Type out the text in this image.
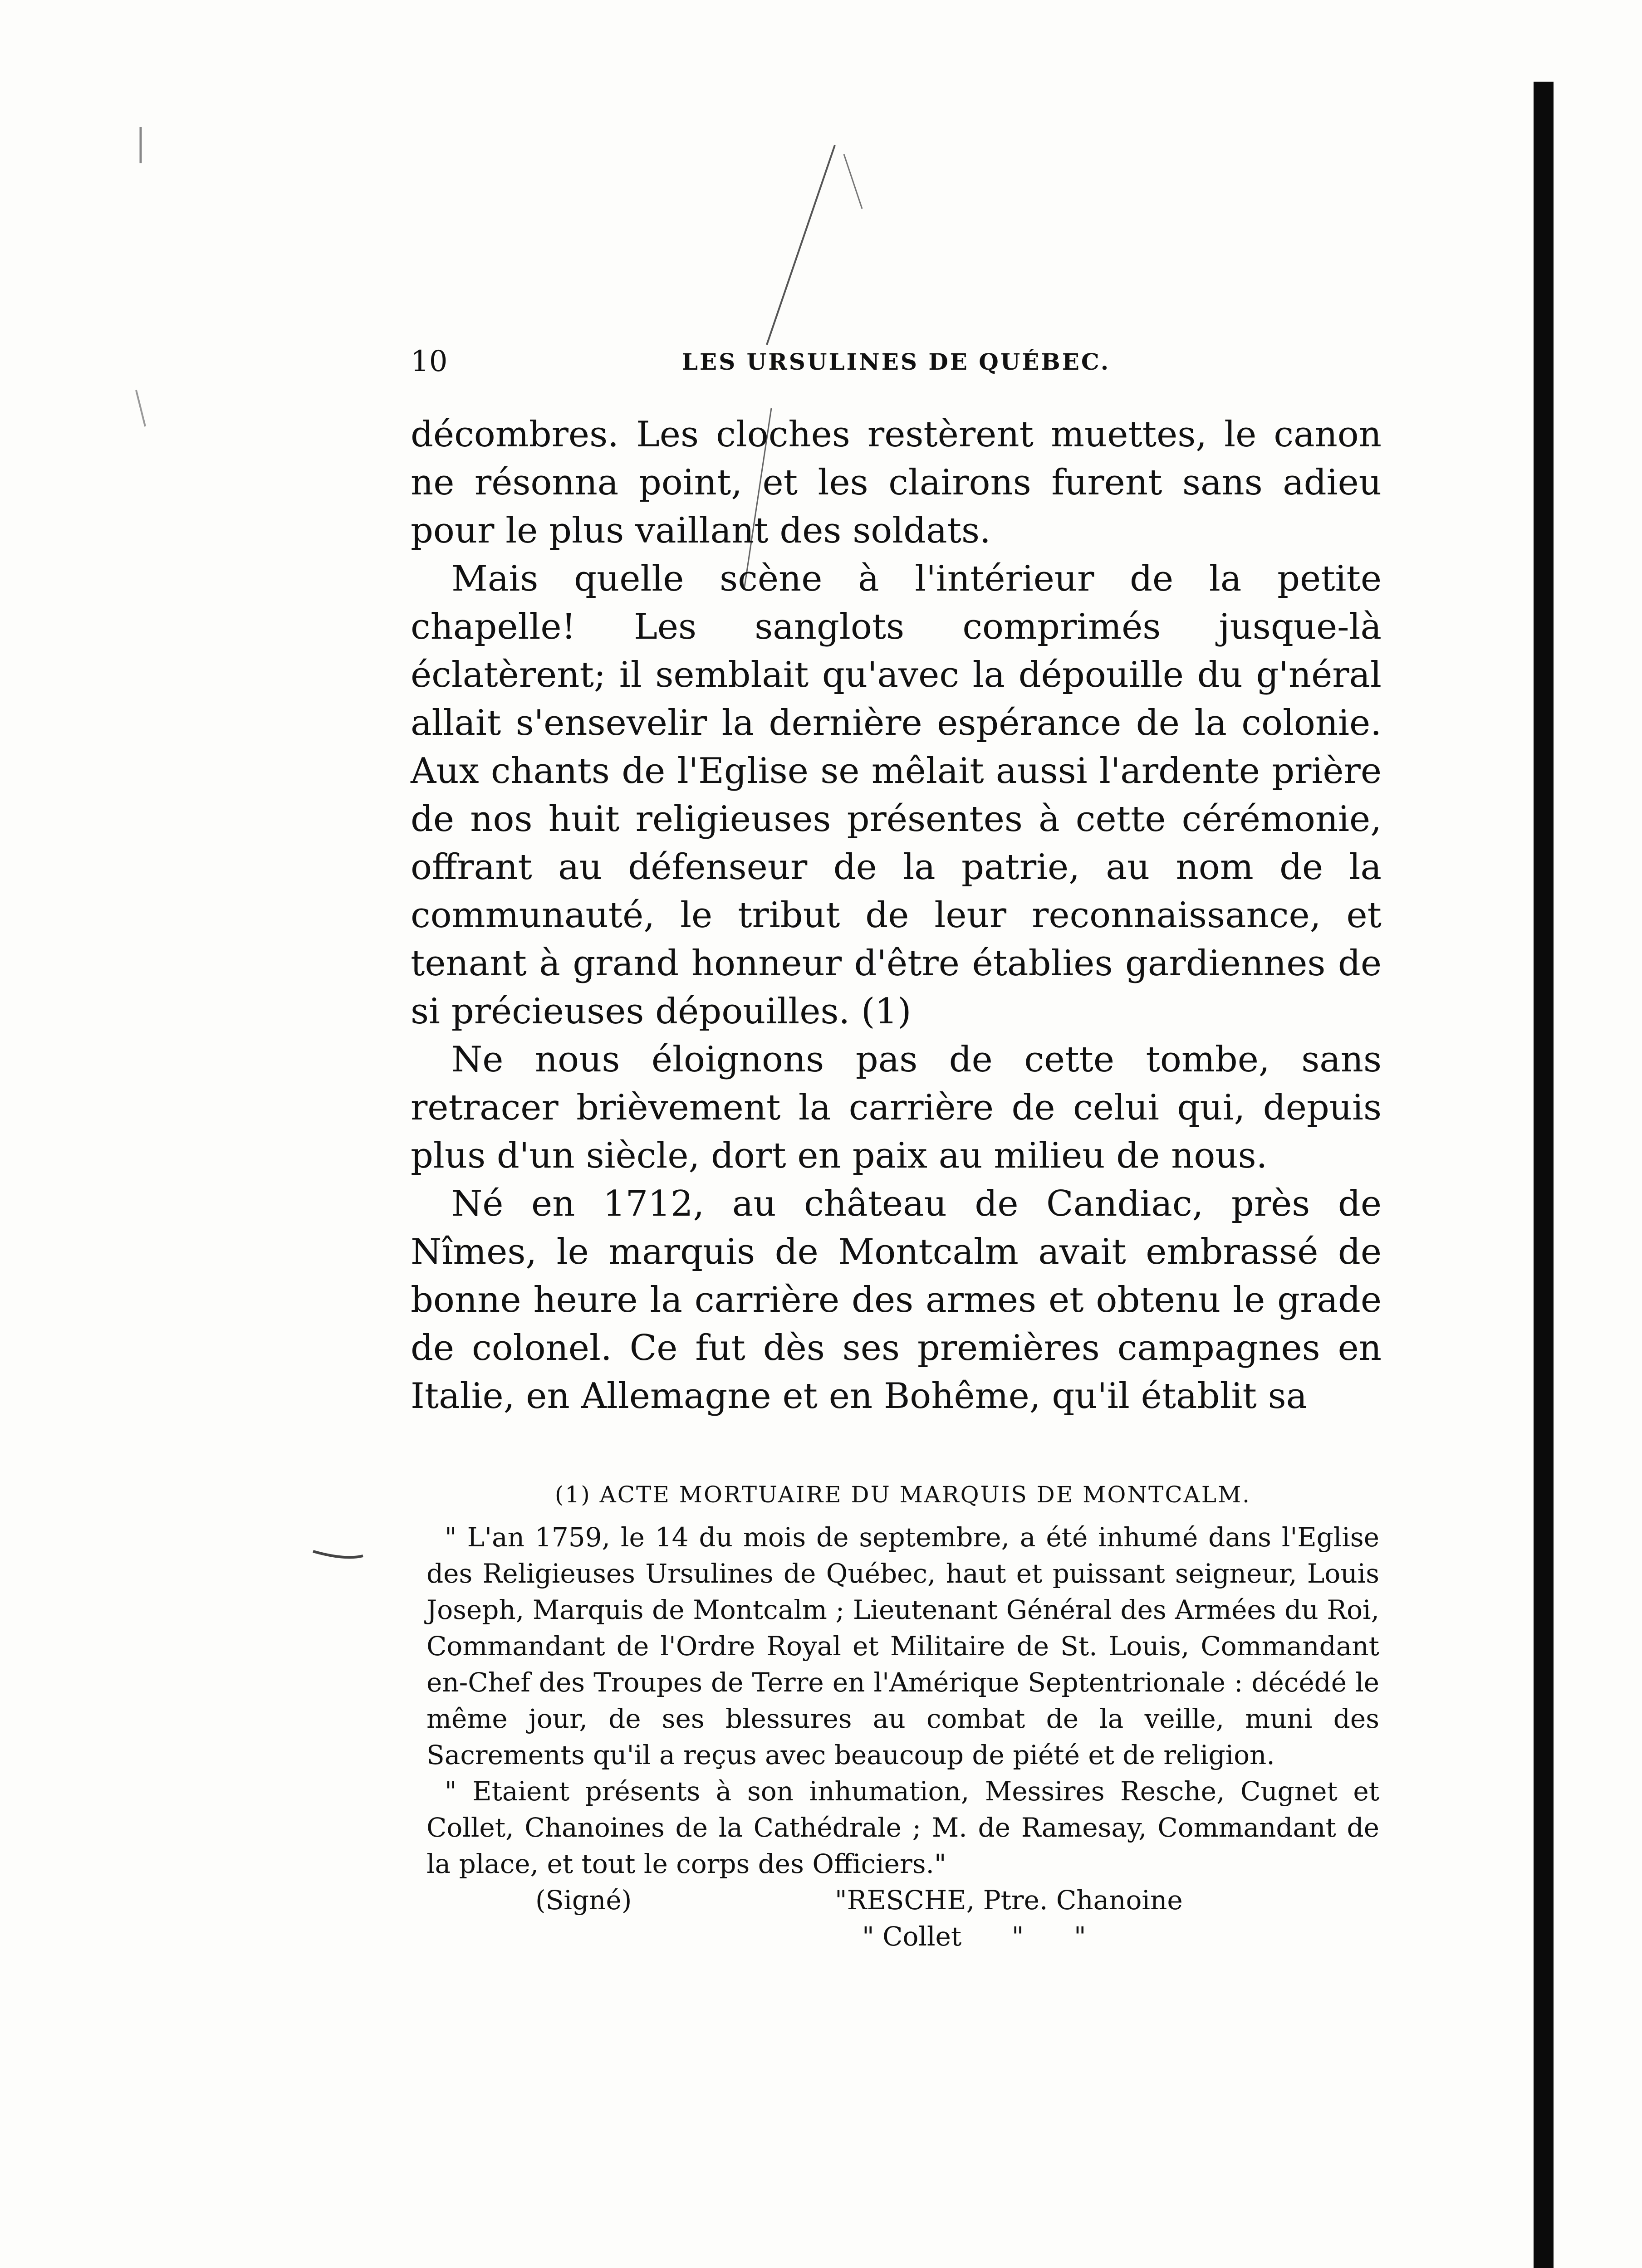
10	LES URSULINES DE QUÉBEC.

décombres. Les cloches restèrent muettes, le canon ne résonna point, et les clairons furent sans adieu pour le plus vaillant des soldats.

Mais quelle scène à l'intérieur de la petite chapelle! Les sanglots comprimés jusque-là éclatèrent; il semblait qu'avec la dépouille du g'néral allait s'ensevelir la dernière espérance de la colonie. Aux chants de l'Eglise se mêlait aussi l'ardente prière de nos huit religieuses présentes à cette cérémonie, offrant au défenseur de la patrie, au nom de la communauté, le tribut de leur reconnaissance, et tenant à grand honneur d'être établies gardiennes de si précieuses dépouilles. (1)

Ne nous éloignons pas de cette tombe, sans retracer brièvement la carrière de celui qui, depuis plus d'un siècle, dort en paix au milieu de nous.

Né en 1712, au château de Candiac, près de Nîmes, le marquis de Montcalm avait embrassé de bonne heure la carrière des armes et obtenu le grade de colonel. Ce fut dès ses premières campagnes en Italie, en Allemagne et en Bohême, qu'il établit sa

(1) ACTE MORTUAIRE DU MARQUIS DE MONTCALM.

" L'an 1759, le 14 du mois de septembre, a été inhumé dans l'Eglise des Religieuses Ursulines de Québec, haut et puissant seigneur, Louis Joseph, Marquis de Montcalm ; Lieutenant Général des Armées du Roi, Commandant de l'Ordre Royal et Militaire de St. Louis, Commandant en-Chef des Troupes de Terre en l'Amérique Septentrionale : décédé le même jour, de ses blessures au combat de la veille, muni des Sacrements qu'il a reçus avec beaucoup de piété et de religion.

" Etaient présents à son inhumation, Messires Resche, Cugnet et Collet, Chanoines de la Cathédrale ; M. de Ramesay, Commandant de la place, et tout le corps des Officiers."

(Signé)	"RESCHE, Ptre. Chanoine
" Collet      "      "
